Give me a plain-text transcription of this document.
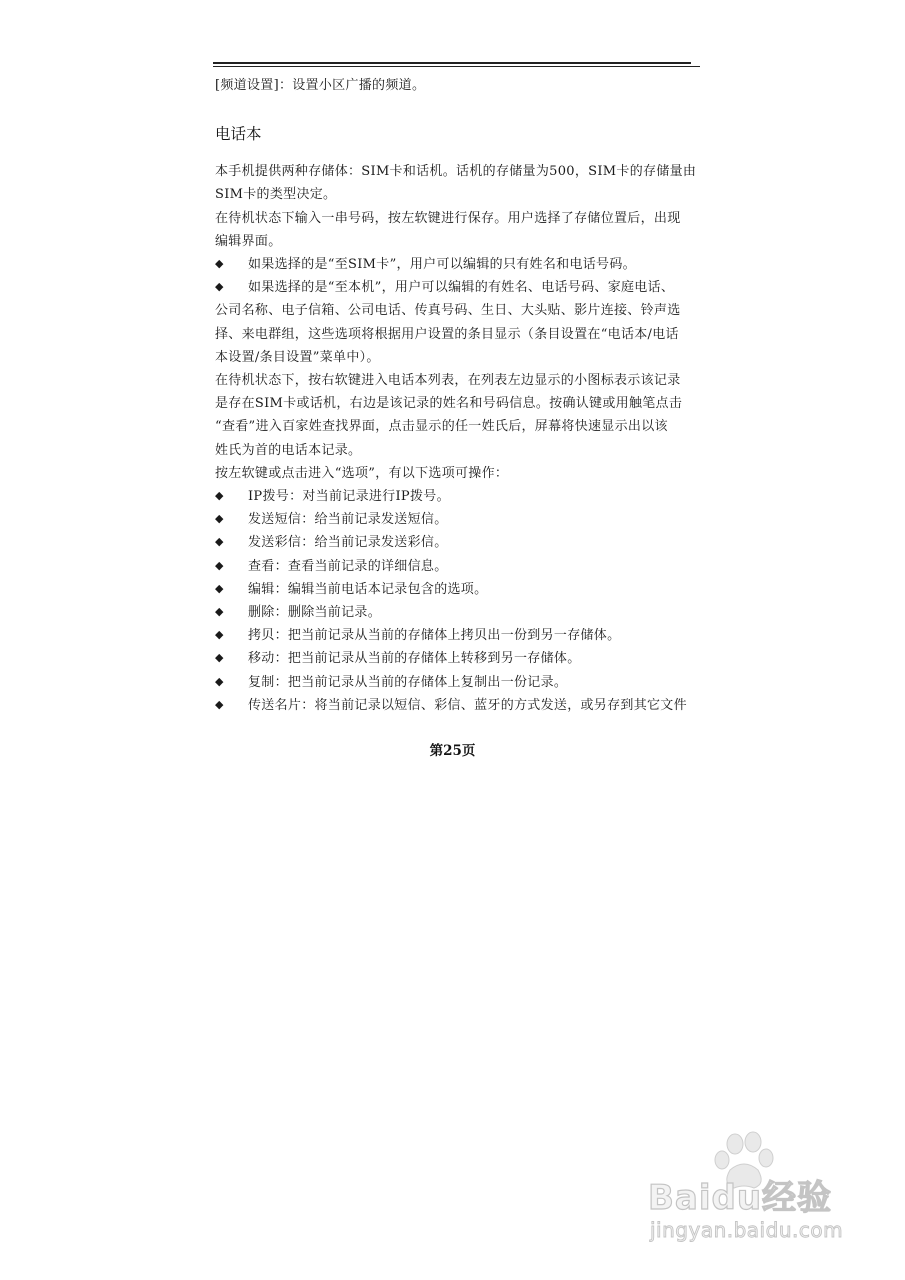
[频道设置]：设置小区广播的频道。
电话本
本手机提供两种存储体：SIM卡和话机。话机的存储量为500，SIM卡的存储量由
SIM卡的类型决定。
在待机状态下输入一串号码，按左软键进行保存。用户选择了存储位置后，出现
编辑界面。
◆ 如果选择的是“至SIM卡”，用户可以编辑的只有姓名和电话号码。
◆ 如果选择的是“至本机”，用户可以编辑的有姓名、电话号码、家庭电话、
公司名称、电子信箱、公司电话、传真号码、生日、大头贴、影片连接、铃声选
择、来电群组，这些选项将根据用户设置的条目显示（条目设置在“电话本/电话
本设置/条目设置”菜单中）。
在待机状态下，按右软键进入电话本列表，在列表左边显示的小图标表示该记录
是存在SIM卡或话机，右边是该记录的姓名和号码信息。按确认键或用触笔点击
“查看”进入百家姓查找界面，点击显示的任一姓氏后，屏幕将快速显示出以该
姓氏为首的电话本记录。
按左软键或点击进入“选项”，有以下选项可操作：
◆ IP拨号：对当前记录进行IP拨号。
◆ 发送短信：给当前记录发送短信。
◆ 发送彩信：给当前记录发送彩信。
◆ 查看：查看当前记录的详细信息。
◆ 编辑：编辑当前电话本记录包含的选项。
◆ 删除：删除当前记录。
◆ 拷贝：把当前记录从当前的存储体上拷贝出一份到另一存储体。
◆ 移动：把当前记录从当前的存储体上转移到另一存储体。
◆ 复制：把当前记录从当前的存储体上复制出一份记录。
◆ 传送名片：将当前记录以短信、彩信、蓝牙的方式发送，或另存到其它文件
第25页
Baidu经验
jingyan.baidu.com
